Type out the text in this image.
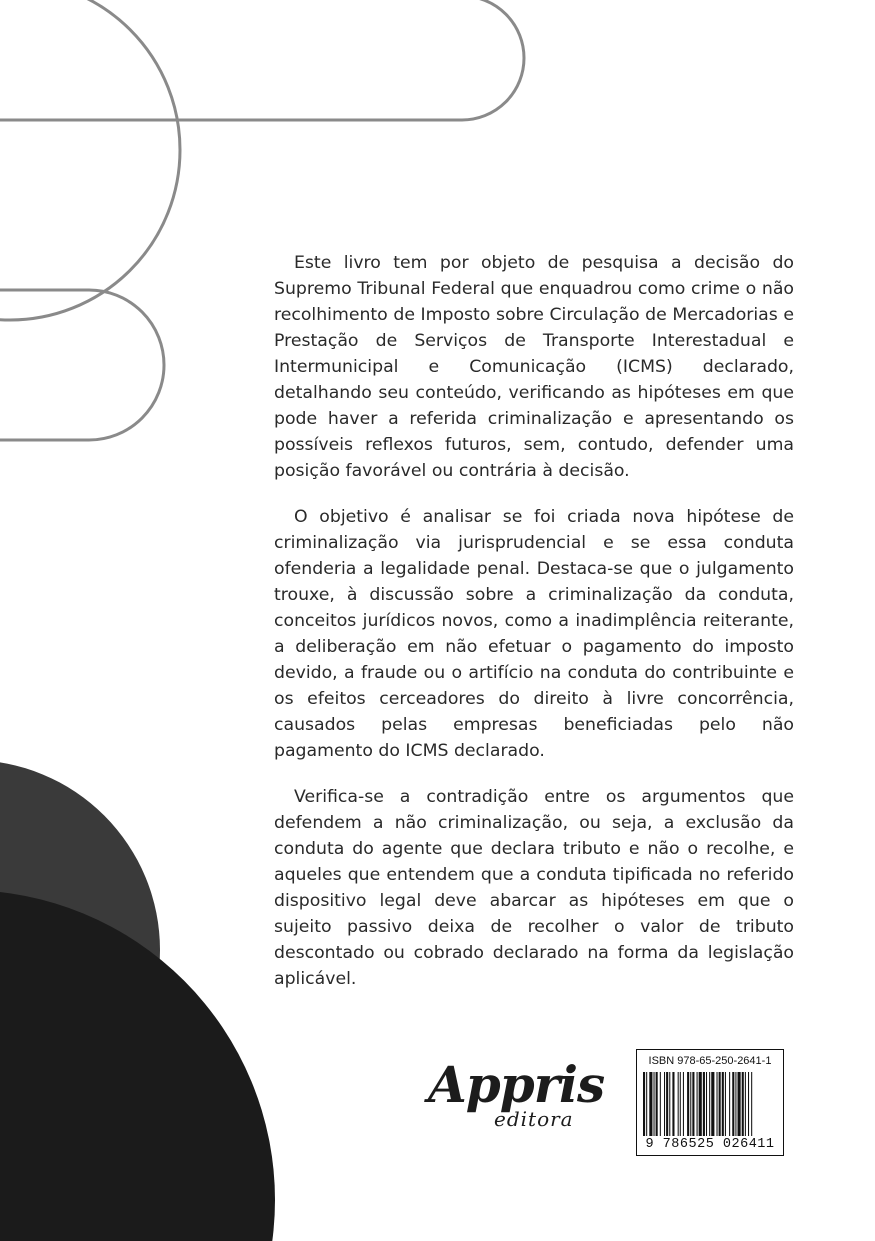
Este livro tem por objeto de pesquisa a decisão do Supremo Tribunal Federal que enquadrou como crime o não recolhimento de Imposto sobre Circulação de Mercadorias e Prestação de Serviços de Transporte Interestadual e Intermunicipal e Comunicação (ICMS) declarado, detalhando seu conteúdo, verificando as hipóteses em que pode haver a referida criminalização e apresentando os possíveis reflexos futuros, sem, contudo, defender uma posição favorável ou contrária à decisão.

O objetivo é analisar se foi criada nova hipótese de criminalização via jurisprudencial e se essa conduta ofenderia a legalidade penal. Destaca-se que o julgamento trouxe, à discussão sobre a criminalização da conduta, conceitos jurídicos novos, como a inadimplência reiterante, a deliberação em não efetuar o pagamento do imposto devido, a fraude ou o artifício na conduta do contribuinte e os efeitos cerceadores do direito à livre concorrência, causados pelas empresas beneficiadas pelo não pagamento do ICMS declarado.

Verifica-se a contradição entre os argumentos que defendem a não criminalização, ou seja, a exclusão da conduta do agente que declara tributo e não o recolhe, e aqueles que entendem que a conduta tipificada no referido dispositivo legal deve abarcar as hipóteses em que o sujeito passivo deixa de recolher o valor de tributo descontado ou cobrado declarado na forma da legislação aplicável.

Appris
editora
ISBN 978-65-250-2641-1
9 786525 026411
